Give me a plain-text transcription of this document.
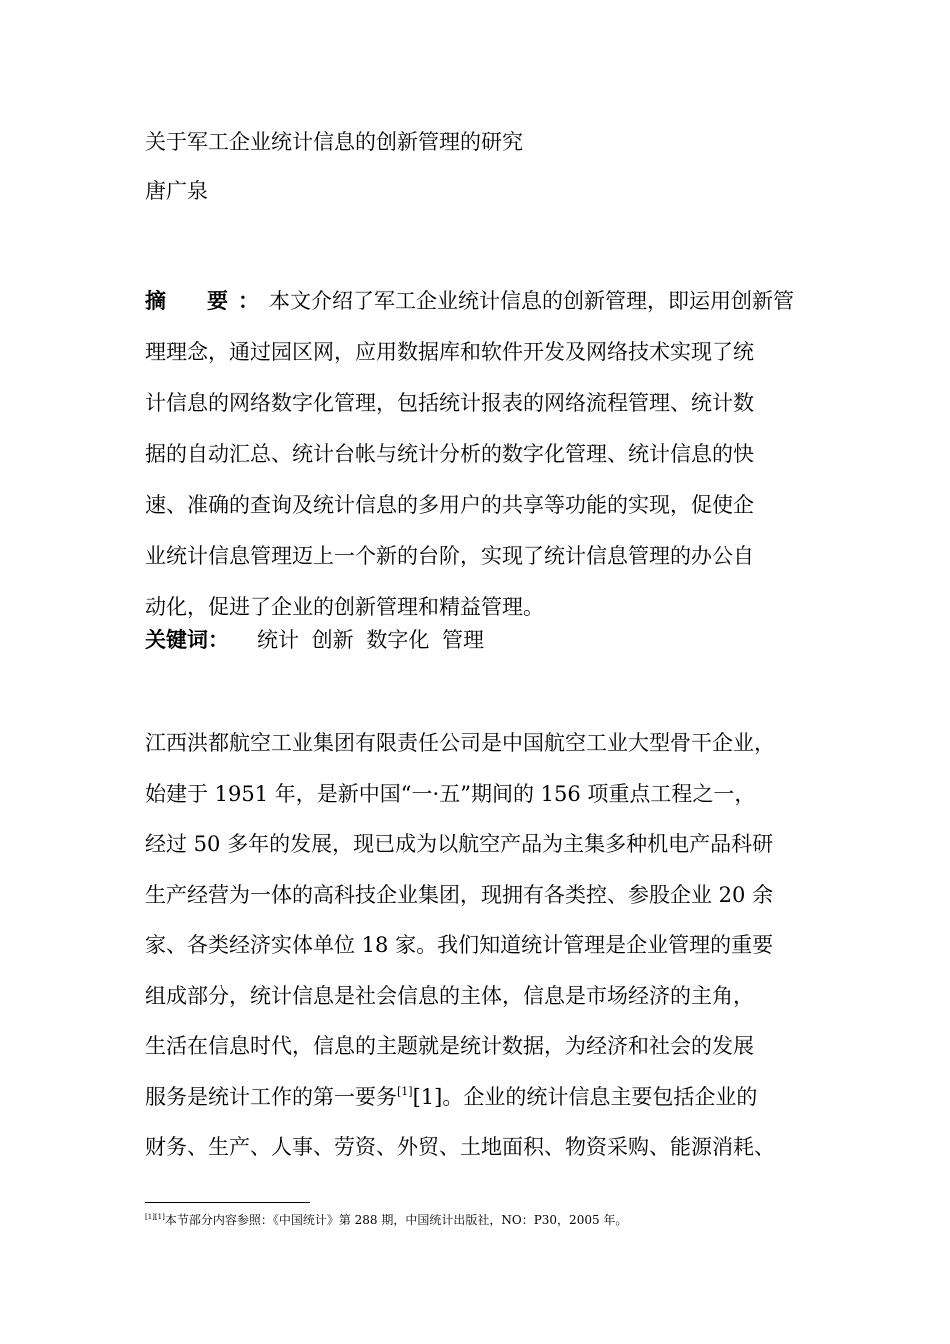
关于军工企业统计信息的创新管理的研究
唐广泉
摘　要：本文介绍了军工企业统计信息的创新管理，即运用创新管
理理念，通过园区网，应用数据库和软件开发及网络技术实现了统
计信息的网络数字化管理，包括统计报表的网络流程管理、统计数
据的自动汇总、统计台帐与统计分析的数字化管理、统计信息的快
速、准确的查询及统计信息的多用户的共享等功能的实现，促使企
业统计信息管理迈上一个新的台阶，实现了统计信息管理的办公自
动化，促进了企业的创新管理和精益管理。
关键词： 统计 创新 数字化 管理
江西洪都航空工业集团有限责任公司是中国航空工业大型骨干企业，
始建于 1951 年，是新中国“一·五”期间的 156 项重点工程之一，
经过 50 多年的发展，现已成为以航空产品为主集多种机电产品科研
生产经营为一体的高科技企业集团，现拥有各类控、参股企业 20 余
家、各类经济实体单位 18 家。我们知道统计管理是企业管理的重要
组成部分，统计信息是社会信息的主体，信息是市场经济的主角，
生活在信息时代，信息的主题就是统计数据，为经济和社会的发展
服务是统计工作的第一要务[1][1]。企业的统计信息主要包括企业的
财务、生产、人事、劳资、外贸、土地面积、物资采购、能源消耗、
[1][1]本节部分内容参照：《中国统计》第 288 期，中国统计出版社，NO：P30，2005 年。
